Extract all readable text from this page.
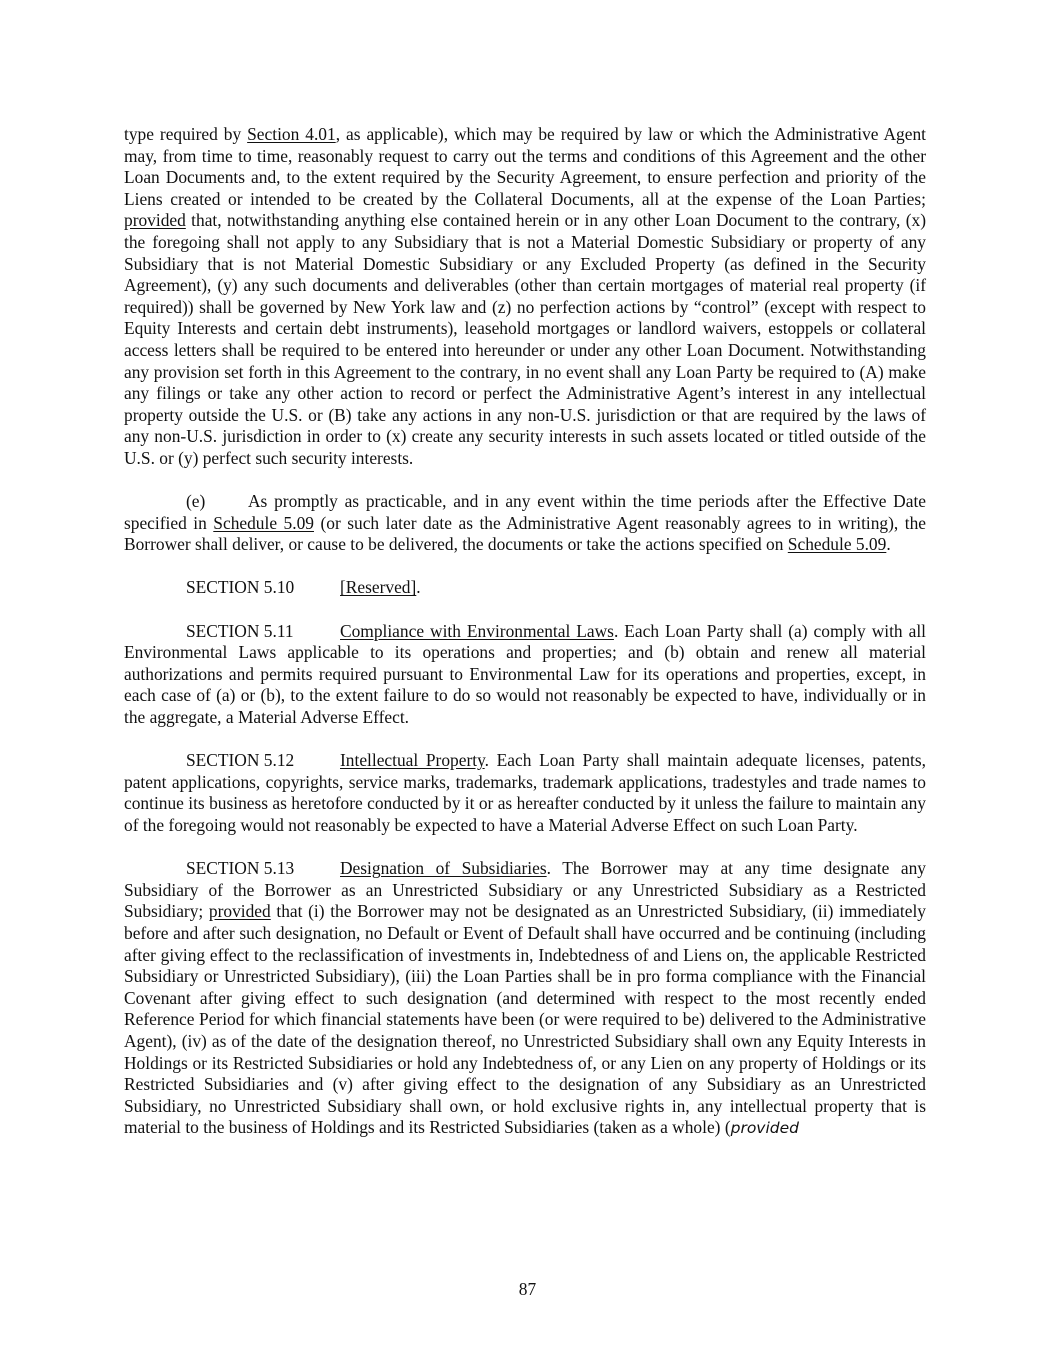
type required by Section 4.01, as applicable), which may be required by law or which the Administrative Agent may, from time to time, reasonably request to carry out the terms and conditions of this Agreement and the other Loan Documents and, to the extent required by the Security Agreement, to ensure perfection and priority of the Liens created or intended to be created by the Collateral Documents, all at the expense of the Loan Parties; provided that, notwithstanding anything else contained herein or in any other Loan Document to the contrary, (x) the foregoing shall not apply to any Subsidiary that is not a Material Domestic Subsidiary or property of any Subsidiary that is not Material Domestic Subsidiary or any Excluded Property (as defined in the Security Agreement), (y) any such documents and deliverables (other than certain mortgages of material real property (if required)) shall be governed by New York law and (z) no perfection actions by “control” (except with respect to Equity Interests and certain debt instruments), leasehold mortgages or landlord waivers, estoppels or collateral access letters shall be required to be entered into hereunder or under any other Loan Document. Notwithstanding any provision set forth in this Agreement to the contrary, in no event shall any Loan Party be required to (A) make any filings or take any other action to record or perfect the Administrative Agent’s interest in any intellectual property outside the U.S. or (B) take any actions in any non-U.S. jurisdiction or that are required by the laws of any non-U.S. jurisdiction in order to (x) create any security interests in such assets located or titled outside of the U.S. or (y) perfect such security interests.

(e) As promptly as practicable, and in any event within the time periods after the Effective Date specified in Schedule 5.09 (or such later date as the Administrative Agent reasonably agrees to in writing), the Borrower shall deliver, or cause to be delivered, the documents or take the actions specified on Schedule 5.09.

SECTION 5.10	[Reserved].

SECTION 5.11	Compliance with Environmental Laws. Each Loan Party shall (a) comply with all Environmental Laws applicable to its operations and properties; and (b) obtain and renew all material authorizations and permits required pursuant to Environmental Law for its operations and properties, except, in each case of (a) or (b), to the extent failure to do so would not reasonably be expected to have, individually or in the aggregate, a Material Adverse Effect.

SECTION 5.12	Intellectual Property. Each Loan Party shall maintain adequate licenses, patents, patent applications, copyrights, service marks, trademarks, trademark applications, tradestyles and trade names to continue its business as heretofore conducted by it or as hereafter conducted by it unless the failure to maintain any of the foregoing would not reasonably be expected to have a Material Adverse Effect on such Loan Party.

SECTION 5.13	Designation of Subsidiaries. The Borrower may at any time designate any Subsidiary of the Borrower as an Unrestricted Subsidiary or any Unrestricted Subsidiary as a Restricted Subsidiary; provided that (i) the Borrower may not be designated as an Unrestricted Subsidiary, (ii) immediately before and after such designation, no Default or Event of Default shall have occurred and be continuing (including after giving effect to the reclassification of investments in, Indebtedness of and Liens on, the applicable Restricted Subsidiary or Unrestricted Subsidiary), (iii) the Loan Parties shall be in pro forma compliance with the Financial Covenant after giving effect to such designation (and determined with respect to the most recently ended Reference Period for which financial statements have been (or were required to be) delivered to the Administrative Agent), (iv) as of the date of the designation thereof, no Unrestricted Subsidiary shall own any Equity Interests in Holdings or its Restricted Subsidiaries or hold any Indebtedness of, or any Lien on any property of Holdings or its Restricted Subsidiaries and (v) after giving effect to the designation of any Subsidiary as an Unrestricted Subsidiary, no Unrestricted Subsidiary shall own, or hold exclusive rights in, any intellectual property that is material to the business of Holdings and its Restricted Subsidiaries (taken as a whole) (provided

87
